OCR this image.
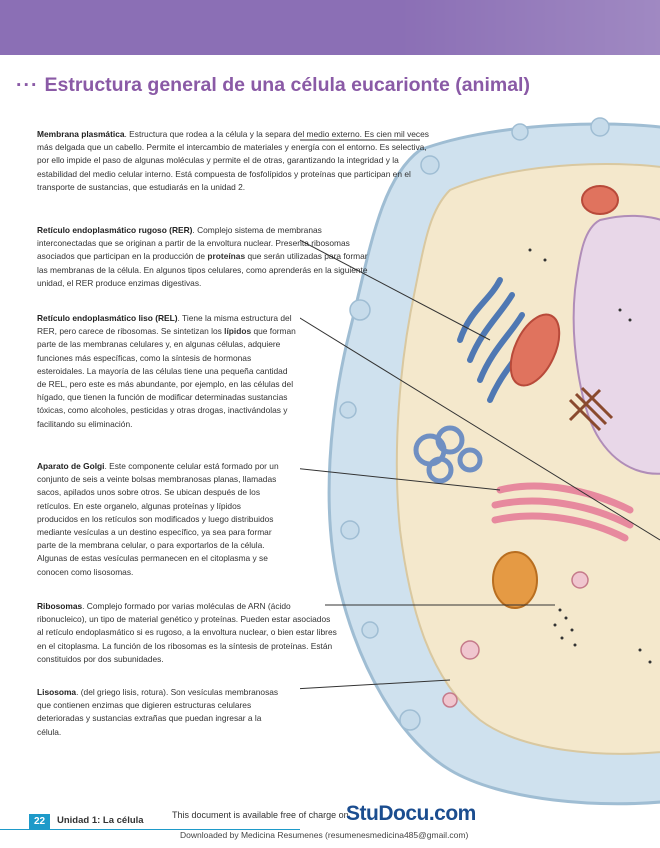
··· Estructura general de una célula eucarionte (animal)
Membrana plasmática. Estructura que rodea a la célula y la separa del medio externo. Es cien mil veces más delgada que un cabello. Permite el intercambio de materiales y energía con el entorno. Es selectiva, por ello impide el paso de algunas moléculas y permite el de otras, garantizando la integridad y la estabilidad del medio celular interno. Está compuesta de fosfolípidos y proteínas que participan en el transporte de sustancias, que estudiarás en la unidad 2.
Retículo endoplasmático rugoso (RER). Complejo sistema de membranas interconectadas que se originan a partir de la envoltura nuclear. Presenta ribosomas asociados que participan en la producción de proteínas que serán utilizadas para formar las membranas de la célula. En algunos tipos celulares, como aprenderás en la siguiente unidad, el RER produce enzimas digestivas.
Retículo endoplasmático liso (REL). Tiene la misma estructura del RER, pero carece de ribosomas. Se sintetizan los lípidos que forman parte de las membranas celulares y, en algunas células, adquiere funciones más específicas, como la síntesis de hormonas esteroidales. La mayoría de las células tiene una pequeña cantidad de REL, pero este es más abundante, por ejemplo, en las células del hígado, que tienen la función de modificar determinadas sustancias tóxicas, como alcoholes, pesticidas y otras drogas, inactivándolas y facilitando su eliminación.
Aparato de Golgi. Este componente celular está formado por un conjunto de seis a veinte bolsas membranosas planas, llamadas sacos, apilados unos sobre otros. Se ubican después de los retículos. En este organelo, algunas proteínas y lípidos producidos en los retículos son modificados y luego distribuidos mediante vesículas a un destino específico, ya sea para formar parte de la membrana celular, o para exportarlos de la célula. Algunas de estas vesículas permanecen en el citoplasma y se conocen como lisosomas.
Ribosomas. Complejo formado por varias moléculas de ARN (ácido ribonucleico), un tipo de material genético y proteínas. Pueden estar asociados al retículo endoplasmático si es rugoso, a la envoltura nuclear, o bien estar libres en el citoplasma. La función de los ribosomas es la síntesis de proteínas. Están constituidos por dos subunidades.
Lisosoma. (del griego lisis, rotura). Son vesículas membranosas que contienen enzimas que digieren estructuras celulares deterioradas y sustancias extrañas que puedan ingresar a la célula.
22	Unidad 1: La célula	This document is available free of charge on
StuDocu.com
Downloaded by Medicina Resumenes (resumenesmedicina485@gmail.com)
